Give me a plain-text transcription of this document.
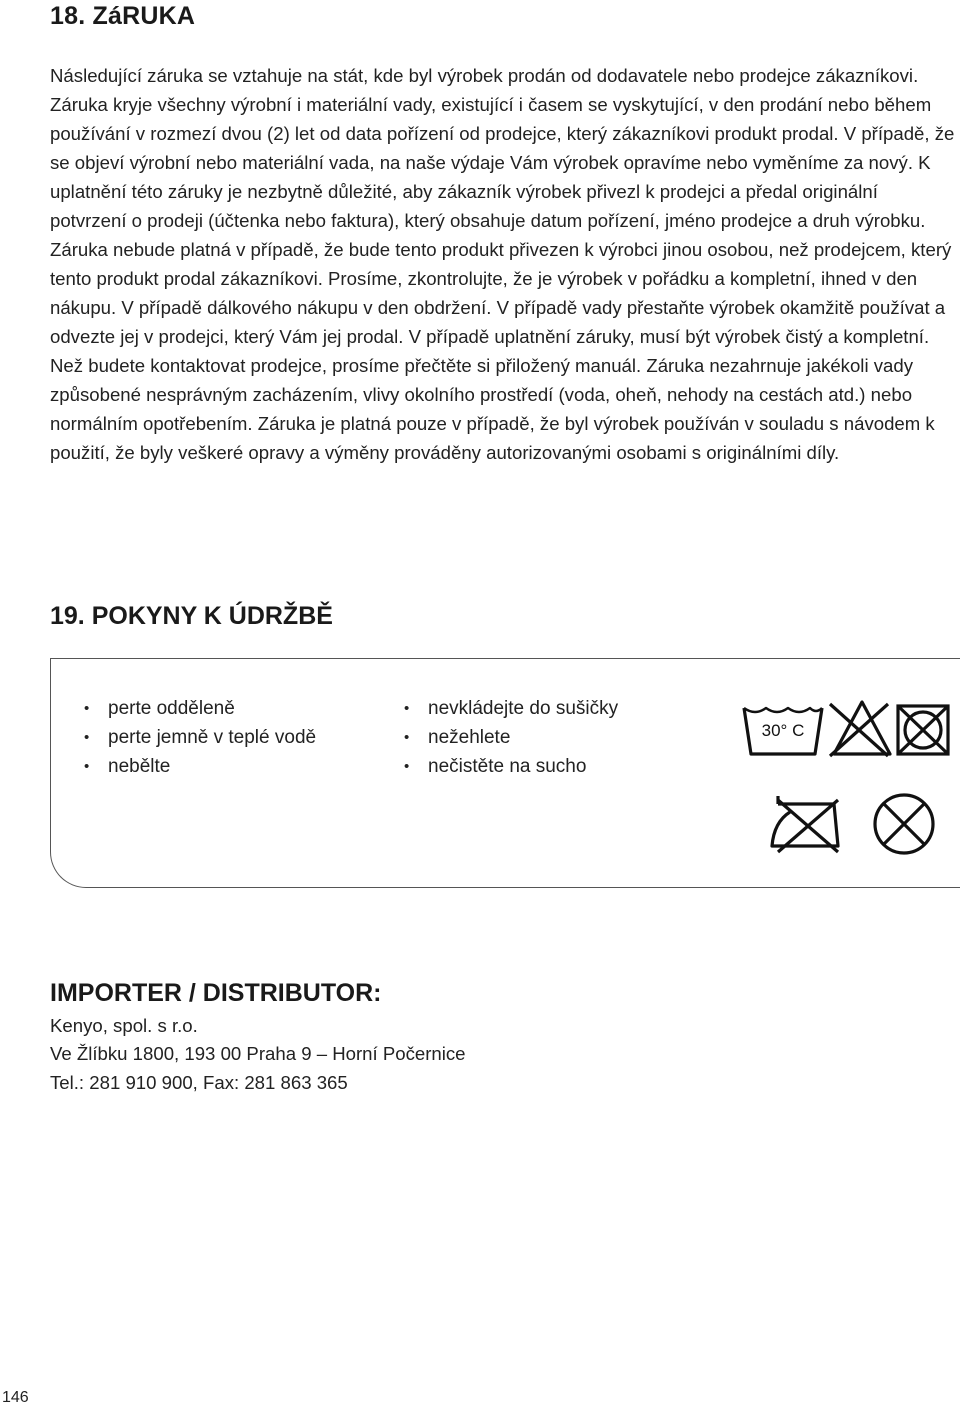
18. ZáRUKA

Následující záruka se vztahuje na stát, kde byl výrobek prodán od dodavatele nebo prodejce zákazníkovi. Záruka kryje všechny výrobní i materiální vady, existující i časem se vyskytující, v den prodání nebo během používání v rozmezí dvou (2) let od data pořízení od prodejce, který zákazníkovi produkt prodal. V případě, že se objeví výrobní nebo materiální vada, na naše výdaje Vám výrobek opravíme nebo vyměníme za nový. K uplatnění této záruky je nezbytně důležité, aby zákazník výrobek přivezl k prodejci a předal originální potvrzení o prodeji (účtenka nebo faktura), který obsahuje datum pořízení, jméno prodejce a druh výrobku. Záruka nebude platná v případě, že bude tento produkt přivezen k výrobci jinou osobou, než prodejcem, který tento produkt prodal zákazníkovi. Prosíme, zkontrolujte, že je výrobek v pořádku a kompletní, ihned v den nákupu. V případě dálkového nákupu v den obdržení. V případě vady přestaňte výrobek okamžitě používat a odvezte jej v prodejci, který Vám jej prodal. V případě uplatnění záruky, musí být výrobek čistý a kompletní. Než budete kontaktovat prodejce, prosíme přečtěte si přiložený manuál. Záruka nezahrnuje jakékoli vady způsobené nesprávným zacházením, vlivy okolního prostředí (voda, oheň, nehody na cestách atd.) nebo normálním opotřebením. Záruka je platná pouze v případě, že byl výrobek používán v souladu s návodem k použití, že byly veškeré opravy a výměny prováděny autorizovanými osobami s originálními díly.

19. POKYNY K ÚDRŽBĚ
• perte odděleně
• perte jemně v teplé vodě
• nebělte
• nevkládejte do sušičky
• nežehlete
• nečistěte na sucho
30° C
IMPORTER / DISTRIBUTOR:

Kenyo, spol. s r.o.

Ve Žlíbku 1800, 193 00 Praha 9 – Horní Počernice

Tel.: 281 910 900, Fax: 281 863 365

146
